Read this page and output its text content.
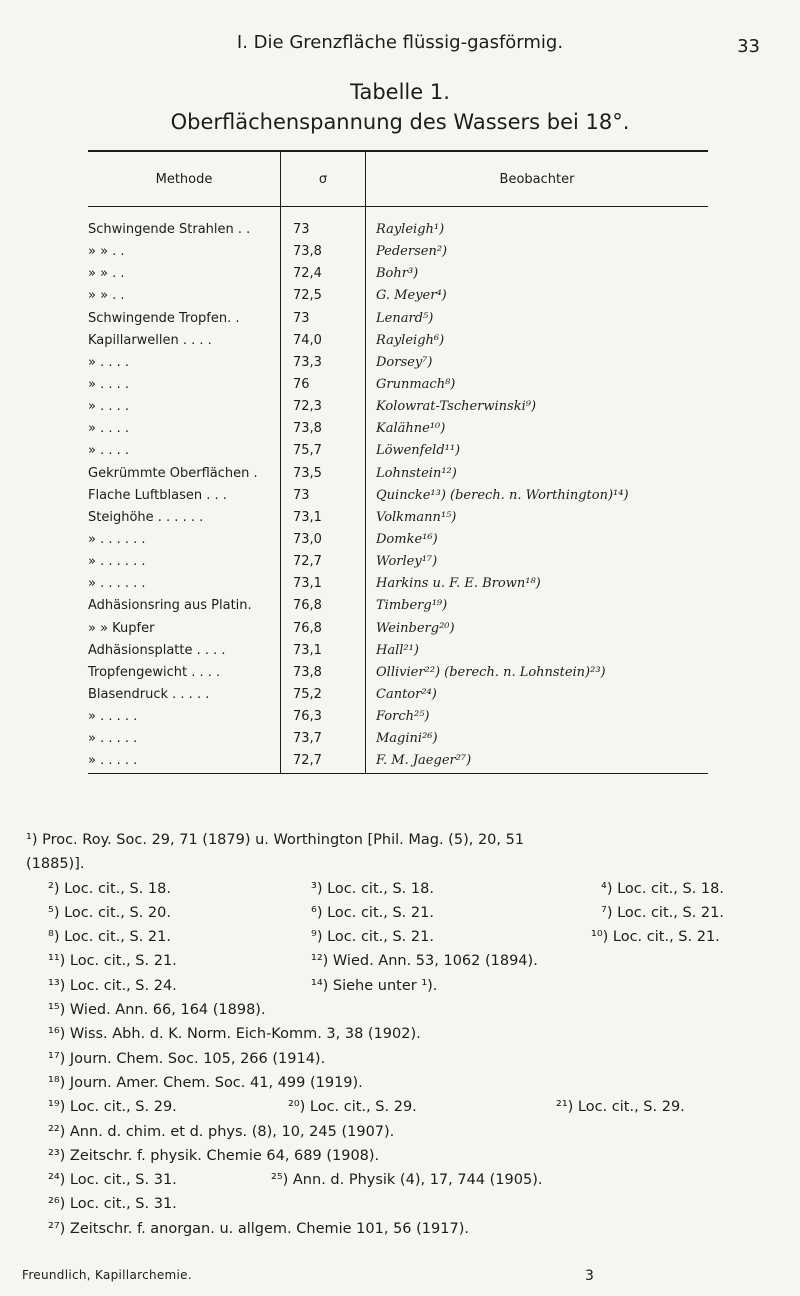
I. Die Grenzfläche flüssig-gasförmig.	33
Tabelle 1.
Oberflächenspannung des Wassers bei 18°.
Methode	σ	Beobachter
Schwingende Strahlen . .	73	Rayleigh¹)
» » . .	73,8	Pedersen²)
» » . .	72,4	Bohr³)
» » . .	72,5	G. Meyer⁴)
Schwingende Tropfen. .	73	Lenard⁵)
Kapillarwellen . . . .	74,0	Rayleigh⁶)
» . . . .	73,3	Dorsey⁷)
» . . . .	76	Grunmach⁸)
» . . . .	72,3	Kolowrat-Tscherwinski⁹)
» . . . .	73,8	Kalähne¹⁰)
» . . . .	75,7	Löwenfeld¹¹)
Gekrümmte Oberflächen .	73,5	Lohnstein¹²)
Flache Luftblasen . . .	73	Quincke¹³) (berech. n. Worthington)¹⁴)
Steighöhe . . . . . .	73,1	Volkmann¹⁵)
» . . . . . .	73,0	Domke¹⁶)
» . . . . . .	72,7	Worley¹⁷)
» . . . . . .	73,1	Harkins u. F. E. Brown¹⁸)
Adhäsionsring aus Platin.	76,8	Timberg¹⁹)
» » Kupfer	76,8	Weinberg²⁰)
Adhäsionsplatte . . . .	73,1	Hall²¹)
Tropfengewicht . . . .	73,8	Ollivier²²) (berech. n. Lohnstein)²³)
Blasendruck . . . . .	75,2	Cantor²⁴)
» . . . . .	76,3	Forch²⁵)
» . . . . .	73,7	Magini²⁶)
» . . . . .	72,7	F. M. Jaeger²⁷)
¹) Proc. Roy. Soc. 29, 71 (1879) u. Worthington [Phil. Mag. (5), 20, 51
(1885)].
²) Loc. cit., S. 18.	³) Loc. cit., S. 18.	⁴) Loc. cit., S. 18.
⁵) Loc. cit., S. 20.	⁶) Loc. cit., S. 21.	⁷) Loc. cit., S. 21.
⁸) Loc. cit., S. 21.	⁹) Loc. cit., S. 21.	¹⁰) Loc. cit., S. 21.
¹¹) Loc. cit., S. 21.	¹²) Wied. Ann. 53, 1062 (1894).
¹³) Loc. cit., S. 24.	¹⁴) Siehe unter ¹).
¹⁵) Wied. Ann. 66, 164 (1898).
¹⁶) Wiss. Abh. d. K. Norm. Eich-Komm. 3, 38 (1902).
¹⁷) Journ. Chem. Soc. 105, 266 (1914).
¹⁸) Journ. Amer. Chem. Soc. 41, 499 (1919).
¹⁹) Loc. cit., S. 29.	²⁰) Loc. cit., S. 29.	²¹) Loc. cit., S. 29.
²²) Ann. d. chim. et d. phys. (8), 10, 245 (1907).
²³) Zeitschr. f. physik. Chemie 64, 689 (1908).
²⁴) Loc. cit., S. 31.	²⁵) Ann. d. Physik (4), 17, 744 (1905).
²⁶) Loc. cit., S. 31.
²⁷) Zeitschr. f. anorgan. u. allgem. Chemie 101, 56 (1917).
Freundlich, Kapillarchemie.	3
